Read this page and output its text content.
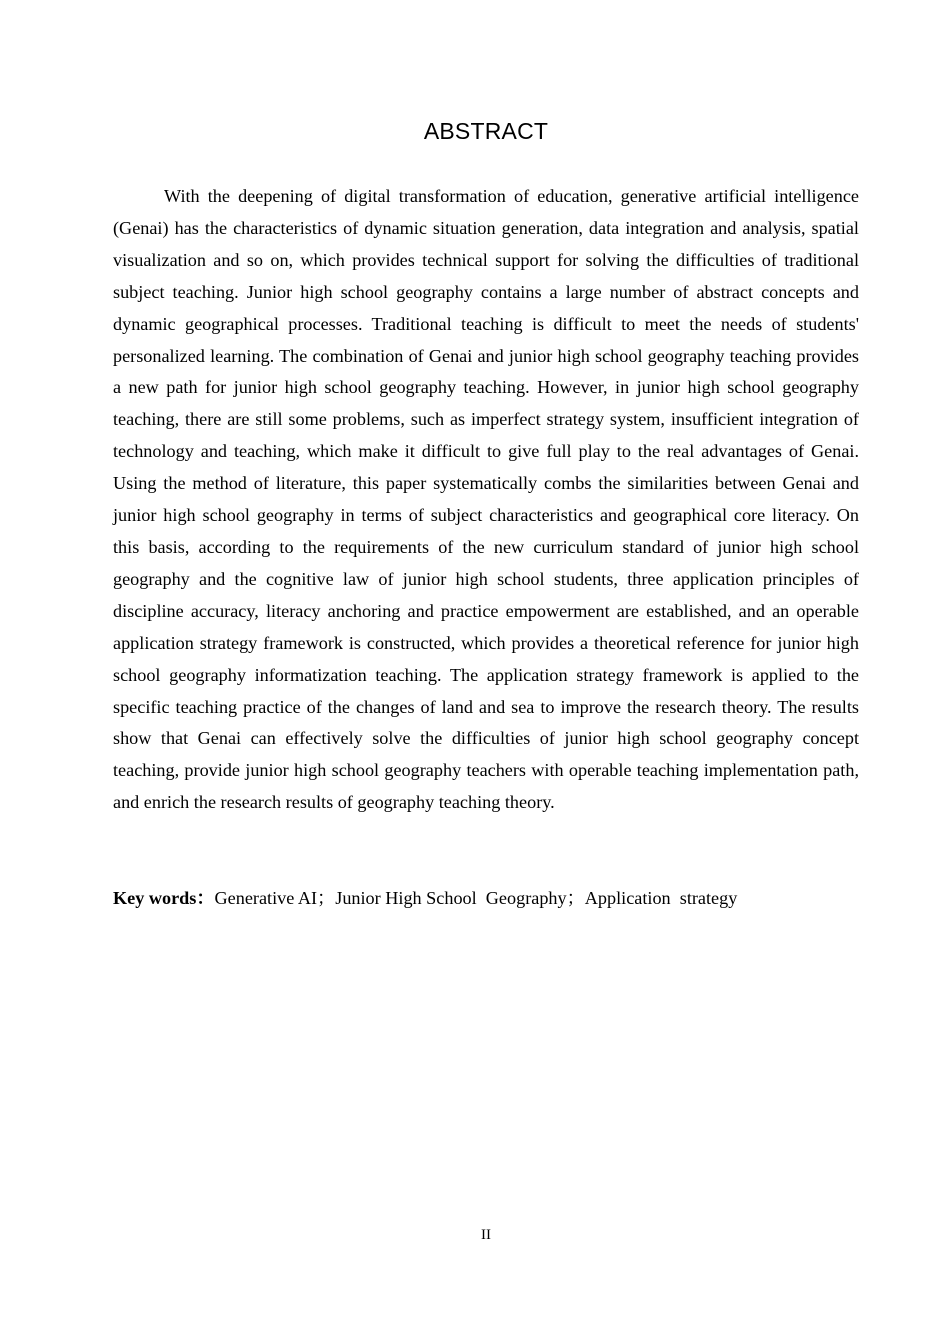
ABSTRACT

With the deepening of digital transformation of education, generative artificial intelligence (Genai) has the characteristics of dynamic situation generation, data integration and analysis, spatial visualization and so on, which provides technical support for solving the difficulties of traditional subject teaching. Junior high school geography contains a large number of abstract concepts and dynamic geographical processes. Traditional teaching is difficult to meet the needs of students' personalized learning. The combination of Genai and junior high school geography teaching provides a new path for junior high school geography teaching. However, in junior high school geography teaching, there are still some problems, such as imperfect strategy system, insufficient integration of technology and teaching, which make it difficult to give full play to the real advantages of Genai. Using the method of literature, this paper systematically combs the similarities between Genai and junior high school geography in terms of subject characteristics and geographical core literacy. On this basis, according to the requirements of the new curriculum standard of junior high school geography and the cognitive law of junior high school students, three application principles of discipline accuracy, literacy anchoring and practice empowerment are established, and an operable application strategy framework is constructed, which provides a theoretical reference for junior high school geography informatization teaching. The application strategy framework is applied to the specific teaching practice of the changes of land and sea to improve the research theory. The results show that Genai can effectively solve the difficulties of junior high school geography concept teaching, provide junior high school geography teachers with operable teaching implementation path, and enrich the research results of geography teaching theory.

Key words：Generative AI；Junior High School  Geography；Application  strategy
II
